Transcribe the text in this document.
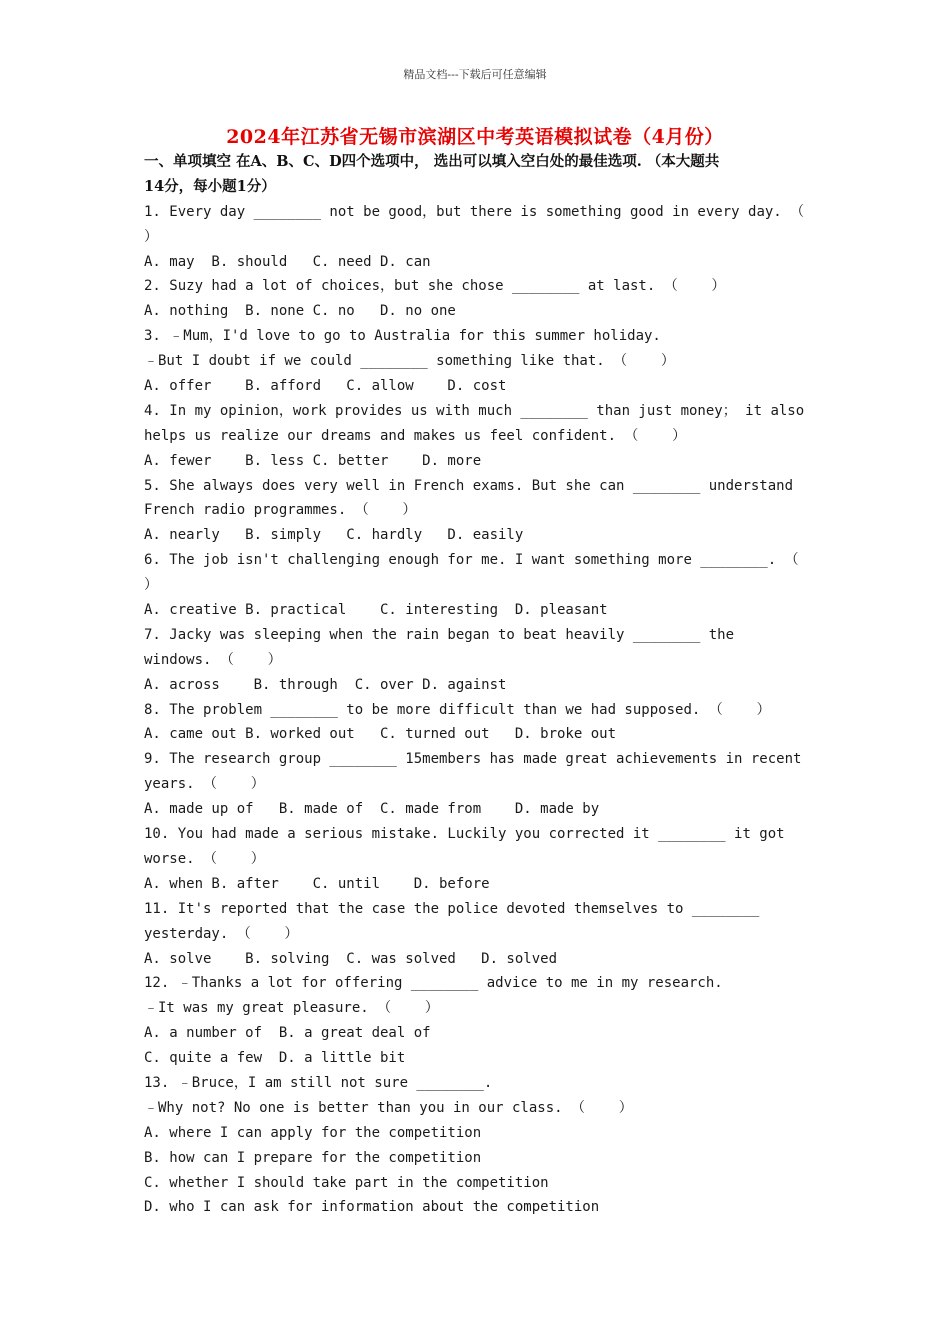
精品文档---下载后可任意编辑
2024年江苏省无锡市滨湖区中考英语模拟试卷（4月份）
一、单项填空 在A、B、C、D四个选项中， 选出可以填入空白处的最佳选项. （本大题共
14分，每小题1分）
1. Every day ________ not be good，but there is something good in every day. （
）
A. may  B. should   C. need D. can
2. Suzy had a lot of choices，but she chose ________ at last. （    ）
A. nothing  B. none C. no   D. no one
3. ﹣Mum，I'd love to go to Australia for this summer holiday.
﹣But I doubt if we could ________ something like that. （    ）
A. offer    B. afford   C. allow    D. cost
4. In my opinion，work provides us with much ________ than just money； it also
helps us realize our dreams and makes us feel confident. （    ）
A. fewer    B. less C. better    D. more
5. She always does very well in French exams. But she can ________ understand
French radio programmes. （    ）
A. nearly   B. simply   C. hardly   D. easily
6. The job isn't challenging enough for me. I want something more ________. （
）
A. creative B. practical    C. interesting  D. pleasant
7. Jacky was sleeping when the rain began to beat heavily ________ the
windows. （    ）
A. across    B. through  C. over D. against
8. The problem ________ to be more difficult than we had supposed. （    ）
A. came out B. worked out   C. turned out   D. broke out
9. The research group ________ 15members has made great achievements in recent
years. （    ）
A. made up of   B. made of  C. made from    D. made by
10. You had made a serious mistake. Luckily you corrected it ________ it got
worse. （    ）
A. when B. after    C. until    D. before
11. It's reported that the case the police devoted themselves to ________
yesterday. （    ）
A. solve    B. solving  C. was solved   D. solved
12. ﹣Thanks a lot for offering ________ advice to me in my research.
﹣It was my great pleasure. （    ）
A. a number of  B. a great deal of
C. quite a few  D. a little bit
13. ﹣Bruce，I am still not sure ________.
﹣Why not? No one is better than you in our class. （    ）
A. where I can apply for the competition
B. how can I prepare for the competition
C. whether I should take part in the competition
D. who I can ask for information about the competition
